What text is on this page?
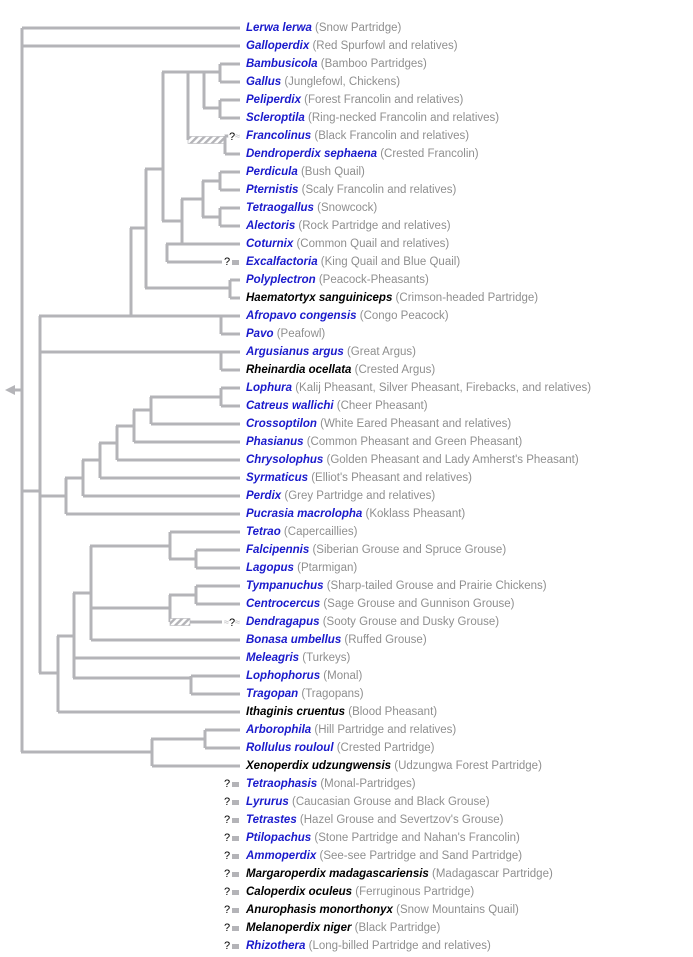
Lerwa lerwa (Snow Partridge)
Galloperdix (Red Spurfowl and relatives)
Bambusicola (Bamboo Partridges)
Gallus (Junglefowl, Chickens)
Peliperdix (Forest Francolin and relatives)
Scleroptila (Ring-necked Francolin and relatives)
≈?≈ Francolinus (Black Francolin and relatives)
Dendroperdix sephaena (Crested Francolin)
Perdicula (Bush Quail)
Pternistis (Scaly Francolin and relatives)
Tetraogallus (Snowcock)
Alectoris (Rock Partridge and relatives)
Coturnix (Common Quail and relatives)
?	Excalfactoria (King Quail and Blue Quail)
Polyplectron (Peacock-Pheasants)
Haematortyx sanguiniceps (Crimson-headed Partridge)
Afropavo congensis (Congo Peacock)
Pavo (Peafowl)
Argusianus argus (Great Argus)
Rheinardia ocellata (Crested Argus)
Lophura (Kalij Pheasant, Silver Pheasant, Firebacks, and relatives)
Catreus wallichi (Cheer Pheasant)
Crossoptilon (White Eared Pheasant and relatives)
Phasianus (Common Pheasant and Green Pheasant)
Chrysolophus (Golden Pheasant and Lady Amherst's Pheasant)
Syrmaticus (Elliot's Pheasant and relatives)
Perdix (Grey Partridge and relatives)
Pucrasia macrolopha (Koklass Pheasant)
Tetrao (Capercaillies)
Falcipennis (Siberian Grouse and Spruce Grouse)
Lagopus (Ptarmigan)
Tympanuchus (Sharp-tailed Grouse and Prairie Chickens)
Centrocercus (Sage Grouse and Gunnison Grouse)
≈?≈ Dendragapus (Sooty Grouse and Dusky Grouse)
Bonasa umbellus (Ruffed Grouse)
Meleagris (Turkeys)
Lophophorus (Monal)
Tragopan (Tragopans)
Ithaginis cruentus (Blood Pheasant)
Arborophila (Hill Partridge and relatives)
Rollulus rouloul (Crested Partridge)
Xenoperdix udzungwensis (Udzungwa Forest Partridge)
?	Tetraophasis (Monal-Partridges)
?	Lyrurus (Caucasian Grouse and Black Grouse)
?	Tetrastes (Hazel Grouse and Severtzov's Grouse)
?	Ptilopachus (Stone Partridge and Nahan's Francolin)
?	Ammoperdix (See-see Partridge and Sand Partridge)
?	Margaroperdix madagascariensis (Madagascar Partridge)
?	Caloperdix oculeus (Ferruginous Partridge)
?	Anurophasis monorthonyx (Snow Mountains Quail)
?	Melanoperdix niger (Black Partridge)
?	Rhizothera (Long-billed Partridge and relatives)
